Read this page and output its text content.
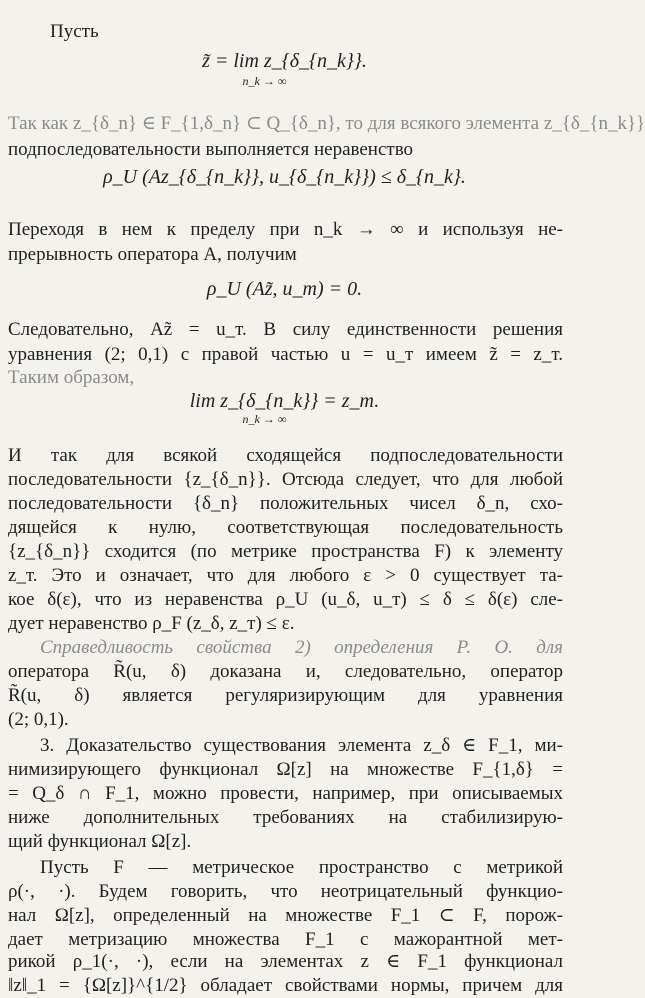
Пусть
z̃ = lim z_{δ_{n_k}}.
n_k → ∞
Так как z_{δ_n} ∈ F_{1,δ_n} ⊂ Q_{δ_n}, то для всякого элемента z_{δ_{n_k}}
подпоследовательности выполняется неравенство
ρ_U (Az_{δ_{n_k}}, u_{δ_{n_k}}) ≤ δ_{n_k}.
Переходя в нем к пределу при n_k → ∞ и используя не-
прерывность оператора A, получим
ρ_U (Az̃, u_т) = 0.
Следовательно, Az̃ = u_т. В силу единственности решения
уравнения (2; 0,1) с правой частью u = u_т имеем z̃ = z_т.
Таким образом,
lim z_{δ_{n_k}} = z_т.
n_k → ∞
И так для всякой сходящейся подпоследовательности
последовательности {z_{δ_n}}. Отсюда следует, что для любой
последовательности {δ_n} положительных чисел δ_n, схо-
дящейся к нулю, соответствующая последовательность
{z_{δ_n}} сходится (по метрике пространства F) к элементу
z_т. Это и означает, что для любого ε > 0 существует та-
кое δ(ε), что из неравенства ρ_U (u_δ, u_т) ≤ δ ≤ δ(ε) сле-
дует неравенство ρ_F (z_δ, z_т) ≤ ε.
Справедливость свойства 2) определения Р. О. для
оператора R̃(u, δ) доказана и, следовательно, оператор
R̃(u, δ) является регуляризирующим для уравнения
(2; 0,1).
3. Доказательство существования элемента z_δ ∈ F_1, ми-
нимизирующего функционал Ω[z] на множестве F_{1,δ} =
= Q_δ ∩ F_1, можно провести, например, при описываемых
ниже дополнительных требованиях на стабилизирую-
щий функционал Ω[z].
Пусть F — метрическое пространство с метрикой
ρ(·, ·). Будем говорить, что неотрицательный функцио-
нал Ω[z], определенный на множестве F_1 ⊂ F, порож-
дает метризацию множества F_1 с мажорантной мет-
рикой ρ_1(·, ·), если на элементах z ∈ F_1 функционал
‖z‖_1 = {Ω[z]}^{1/2} обладает свойствами нормы, причем для
